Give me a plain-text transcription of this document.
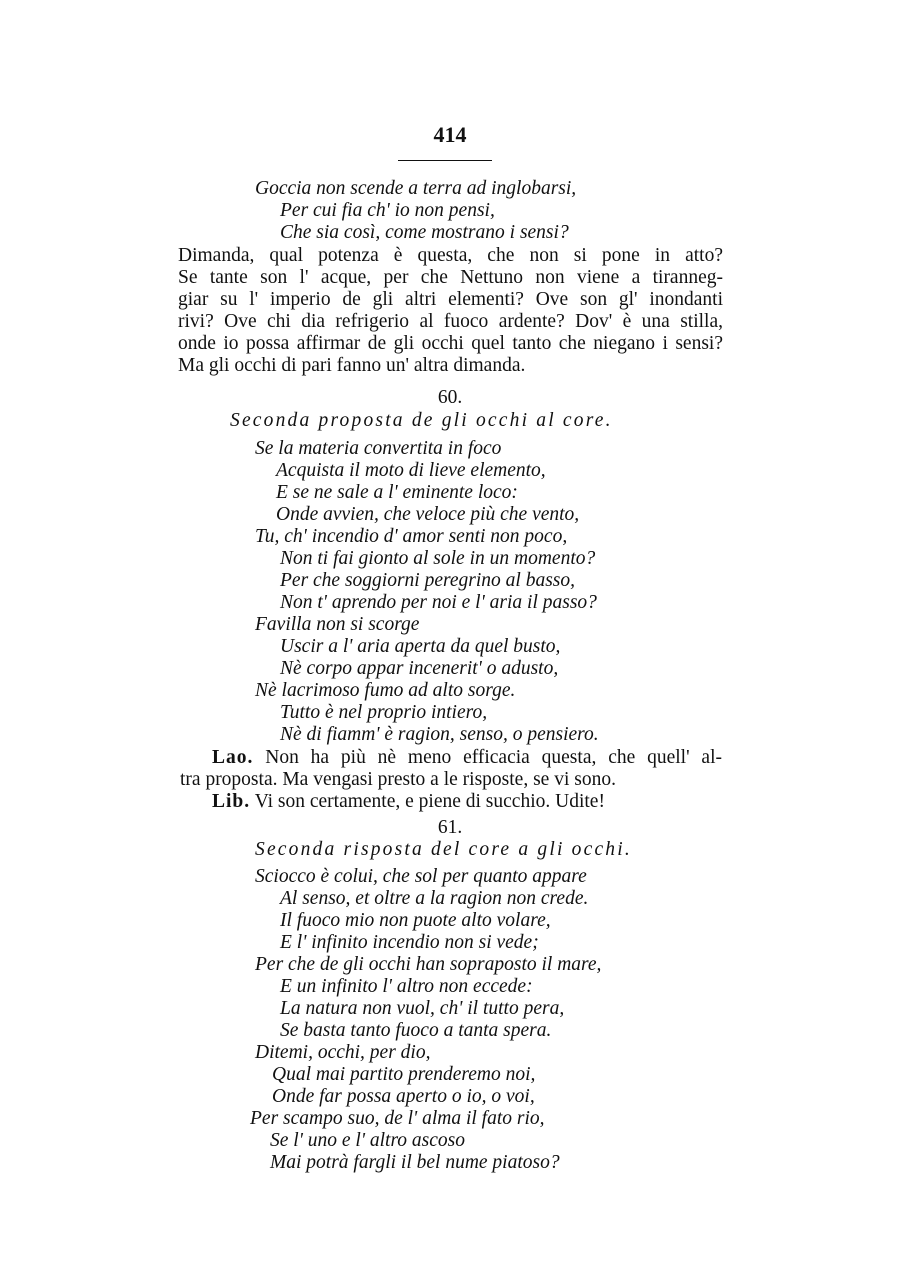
414
Goccia non scende a terra ad inglobarsi,
Per cui fia ch' io non pensi,
Che sia così, come mostrano i sensi?
Dimanda, qual potenza è questa, che non si pone in atto?
Se tante son l' acque, per che Nettuno non viene a tiranneg-
giar su l' imperio de gli altri elementi? Ove son gl' inondanti
rivi? Ove chi dia refrigerio al fuoco ardente? Dov' è una stilla,
onde io possa affirmar de gli occhi quel tanto che niegano i sensi?
Ma gli occhi di pari fanno un' altra dimanda.
60.
Seconda proposta de gli occhi al core.
Se la materia convertita in foco
Acquista il moto di lieve elemento,
E se ne sale a l' eminente loco:
Onde avvien, che veloce più che vento,
Tu, ch' incendio d' amor senti non poco,
Non ti fai gionto al sole in un momento?
Per che soggiorni peregrino al basso,
Non t' aprendo per noi e l' aria il passo?
Favilla non si scorge
Uscir a l' aria aperta da quel busto,
Nè corpo appar incenerit' o adusto,
Nè lacrimoso fumo ad alto sorge.
Tutto è nel proprio intiero,
Nè di fiamm' è ragion, senso, o pensiero.
Lao. Non ha più nè meno efficacia questa, che quell' al-
tra proposta. Ma vengasi presto a le risposte, se vi sono.
Lib. Vi son certamente, e piene di succhio. Udite!
61.
Seconda risposta del core a gli occhi.
Sciocco è colui, che sol per quanto appare
Al senso, et oltre a la ragion non crede.
Il fuoco mio non puote alto volare,
E l' infinito incendio non si vede;
Per che de gli occhi han sopraposto il mare,
E un infinito l' altro non eccede:
La natura non vuol, ch' il tutto pera,
Se basta tanto fuoco a tanta spera.
Ditemi, occhi, per dio,
Qual mai partito prenderemo noi,
Onde far possa aperto o io, o voi,
Per scampo suo, de l' alma il fato rio,
Se l' uno e l' altro ascoso
Mai potrà fargli il bel nume piatoso?
